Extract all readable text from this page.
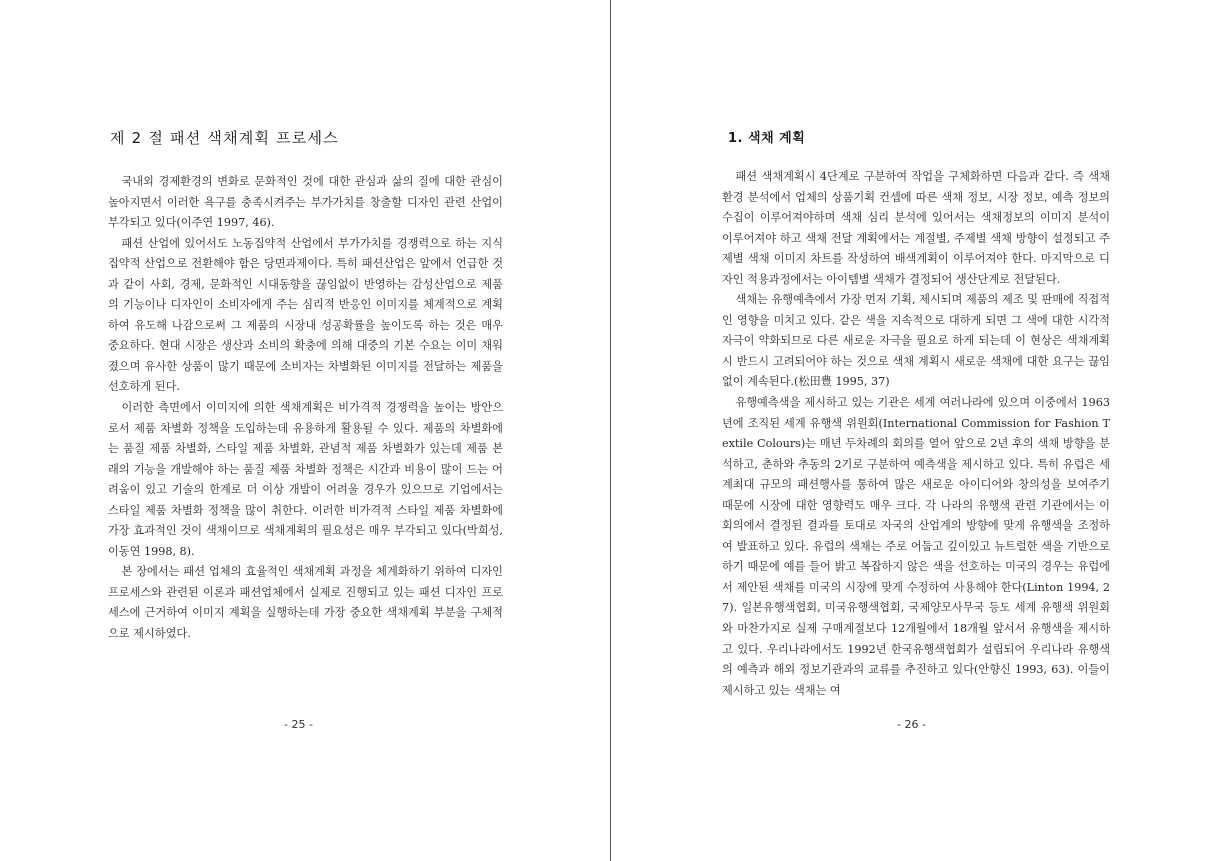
제 2 절 패션 색채계획 프로세스

국내외 경제환경의 변화로 문화적인 것에 대한 관심과 삶의 질에 대한 관심이 높아지면서 이러한 욕구를 충족시켜주는 부가가치를 창출할 디자인 관련 산업이 부각되고 있다(이주연 1997, 46).

패션 산업에 있어서도 노동집약적 산업에서 부가가치를 경쟁력으로 하는 지식집약적 산업으로 전환해야 함은 당면과제이다. 특히 패션산업은 앞에서 언급한 것과 같이 사회, 경제, 문화적인 시대동향을 끊임없이 반영하는 감성산업으로 제품의 기능이나 디자인이 소비자에게 주는 심리적 반응인 이미지를 체계적으로 계획하여 유도해 나감으로써 그 제품의 시장내 성공확률을 높이도록 하는 것은 매우 중요하다. 현대 시장은 생산과 소비의 확충에 의해 대중의 기본 수요는 이미 채워졌으며 유사한 상품이 많기 때문에 소비자는 차별화된 이미지를 전달하는 제품을 선호하게 된다.

이러한 측면에서 이미지에 의한 색채계획은 비가격적 경쟁력을 높이는 방안으로서 제품 차별화 정책을 도입하는데 유용하게 활용될 수 있다. 제품의 차별화에는 품질 제품 차별화, 스타일 제품 차별화, 관념적 제품 차별화가 있는데 제품 본래의 기능을 개발해야 하는 품질 제품 차별화 정책은 시간과 비용이 많이 드는 어려움이 있고 기술의 한계로 더 이상 개발이 어려울 경우가 있으므로 기업에서는 스타일 제품 차별화 정책을 많이 취한다. 이러한 비가격적 스타일 제품 차별화에 가장 효과적인 것이 색채이므로 색채계획의 필요성은 매우 부각되고 있다(박희성, 이동연 1998, 8).

본 장에서는 패션 업체의 효율적인 색채계획 과정을 체계화하기 위하여 디자인 프로세스와 관련된 이론과 패션업체에서 실제로 진행되고 있는 패션 디자인 프로세스에 근거하여 이미지 계획을 실행하는데 가장 중요한 색채계획 부분을 구체적으로 제시하였다.

- 25 -
1. 색채 계획

패션 색채계획시 4단계로 구분하여 작업을 구체화하면 다음과 같다. 즉 색채 환경 분석에서 업체의 상품기획 컨셉에 따른 색채 정보, 시장 정보, 예측 정보의 수집이 이루어져야하며 색채 심리 분석에 있어서는 색채정보의 이미지 분석이 이루어져야 하고 색채 전달 계획에서는 계절별, 주제별 색채 방향이 설정되고 주제별 색채 이미지 차트를 작성하여 배색계획이 이루어져야 한다. 마지막으로 디자인 적용과정에서는 아이템별 색채가 결정되어 생산단계로 전달된다.

색채는 유행예측에서 가장 먼저 기획, 제시되며 제품의 제조 및 판매에 직접적인 영향을 미치고 있다. 같은 색을 지속적으로 대하게 되면 그 색에 대한 시각적 자극이 약화되므로 다른 새로운 자극을 필요로 하게 되는데 이 현상은 색채계획시 반드시 고려되어야 하는 것으로 색채 계획시 새로운 색채에 대한 요구는 끊임없이 계속된다.(松田豊 1995, 37)

유행예측색을 제시하고 있는 기관은 세계 여러나라에 있으며 이중에서 1963년에 조직된 세계 유행색 위원회(International Commission for Fashion Textile Colours)는 매년 두차례의 회의를 열어 앞으로 2년 후의 색채 방향을 분석하고, 춘하와 추동의 2기로 구분하여 예측색을 제시하고 있다. 특히 유럽은 세계최대 규모의 패션행사를 통하여 많은 새로운 아이디어와 창의성을 보여주기 때문에 시장에 대한 영향력도 매우 크다. 각 나라의 유행색 관련 기관에서는 이 회의에서 결정된 결과를 토대로 자국의 산업계의 방향에 맞게 유행색을 조정하여 발표하고 있다. 유럽의 색채는 주로 어둡고 깊이있고 뉴트럴한 색을 기반으로 하기 때문에 예를 들어 밝고 복잡하지 않은 색을 선호하는 미국의 경우는 유럽에서 제안된 색채를 미국의 시장에 맞게 수정하여 사용해야 한다(Linton 1994, 27). 일본유행색협회, 미국유행색협회, 국제양모사무국 등도 세계 유행색 위원회와 마찬가지로 실제 구매계절보다 12개월에서 18개월 앞서서 유행색을 제시하고 있다. 우리나라에서도 1992년 한국유행색협회가 설립되어 우리나라 유행색의 예측과 해외 정보기관과의 교류를 추진하고 있다(안향신 1993, 63). 이들이 제시하고 있는 색채는 여

- 26 -
